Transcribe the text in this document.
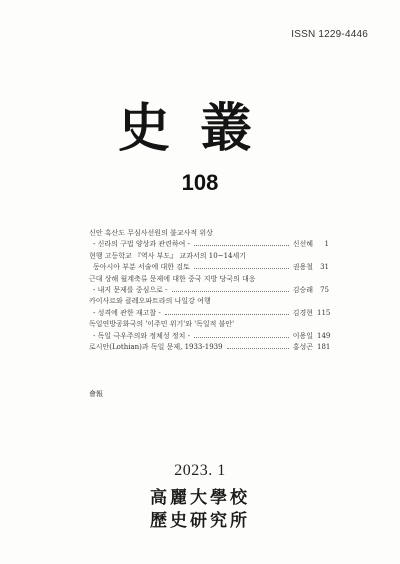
ISSN 1229-4446
史叢
108
신안 흑산도 무심사선원의 불교사적 위상
- 신라의 구법 양상과 관련하여 -	신선혜	1
현행 고등학교 『역사 부도』 교과서의 10~14세기
동아시아 부분 서술에 대한 검토	권용철	31
근대 상해 월계축류 문제에 대한 중국 지방 당국의 대응
- 내지 문제를 중심으로 -	김승래	75
카이사르와 클레오파트라의 나일강 여행
- 성격에 관한 재고찰 -	김경현 115
독일연방공화국의 '이주민 위기'와 '독일적 불안'
- 독일 극우주의와 정체성 정치 -	이용일 149
로시안(Lothian)과 독일 문제, 1933-1939	홍성곤 181
會報
2023. 1
高麗大學校
歷史研究所
